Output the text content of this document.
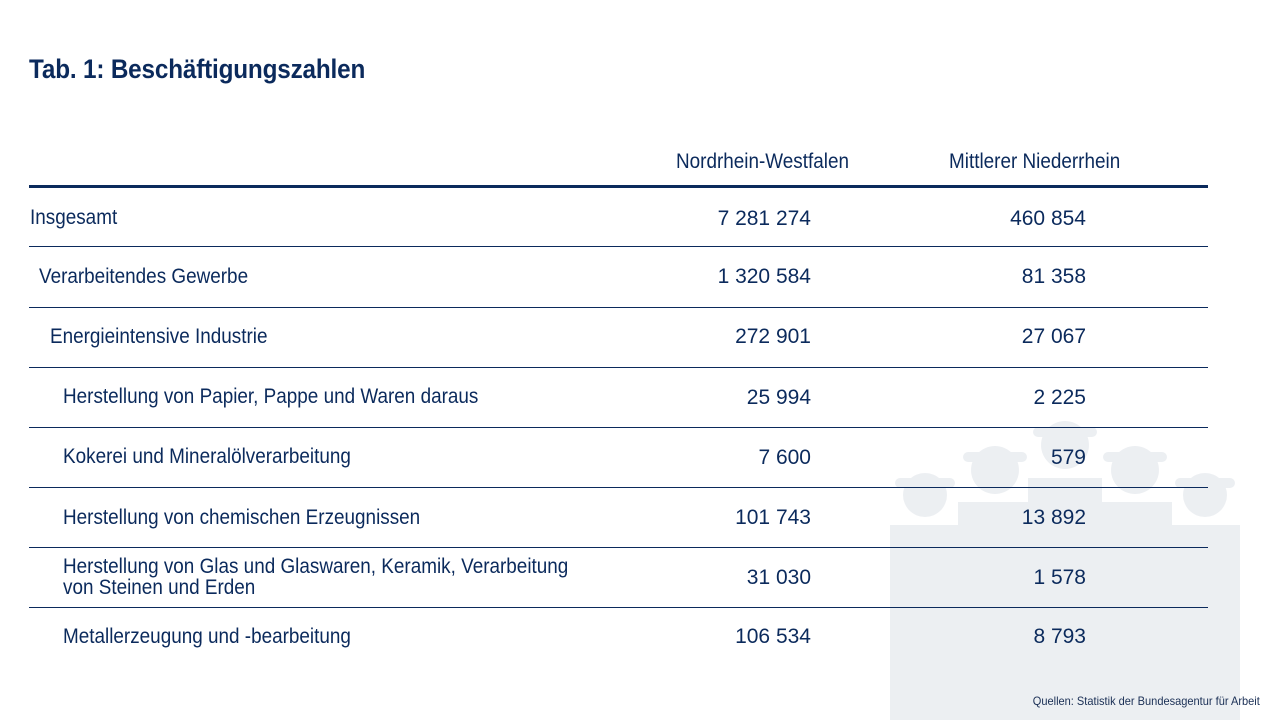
Tab. 1: Beschäftigungszahlen
Nordrhein-Westfalen	Mittlerer Niederrhein
Insgesamt	7 281 274	460 854
Verarbeitendes Gewerbe	1 320 584	81 358
Energieintensive Industrie	272 901	27 067
Herstellung von Papier, Pappe und Waren daraus	25 994	2 225
Kokerei und Mineralölverarbeitung	7 600	579
Herstellung von chemischen Erzeugnissen	101 743	13 892
Herstellung von Glas und Glaswaren, Keramik, Verarbeitung
von Steinen und Erden	31 030	1 578
Metallerzeugung und -bearbeitung	106 534	8 793
Quellen: Statistik der Bundesagentur für Arbeit
